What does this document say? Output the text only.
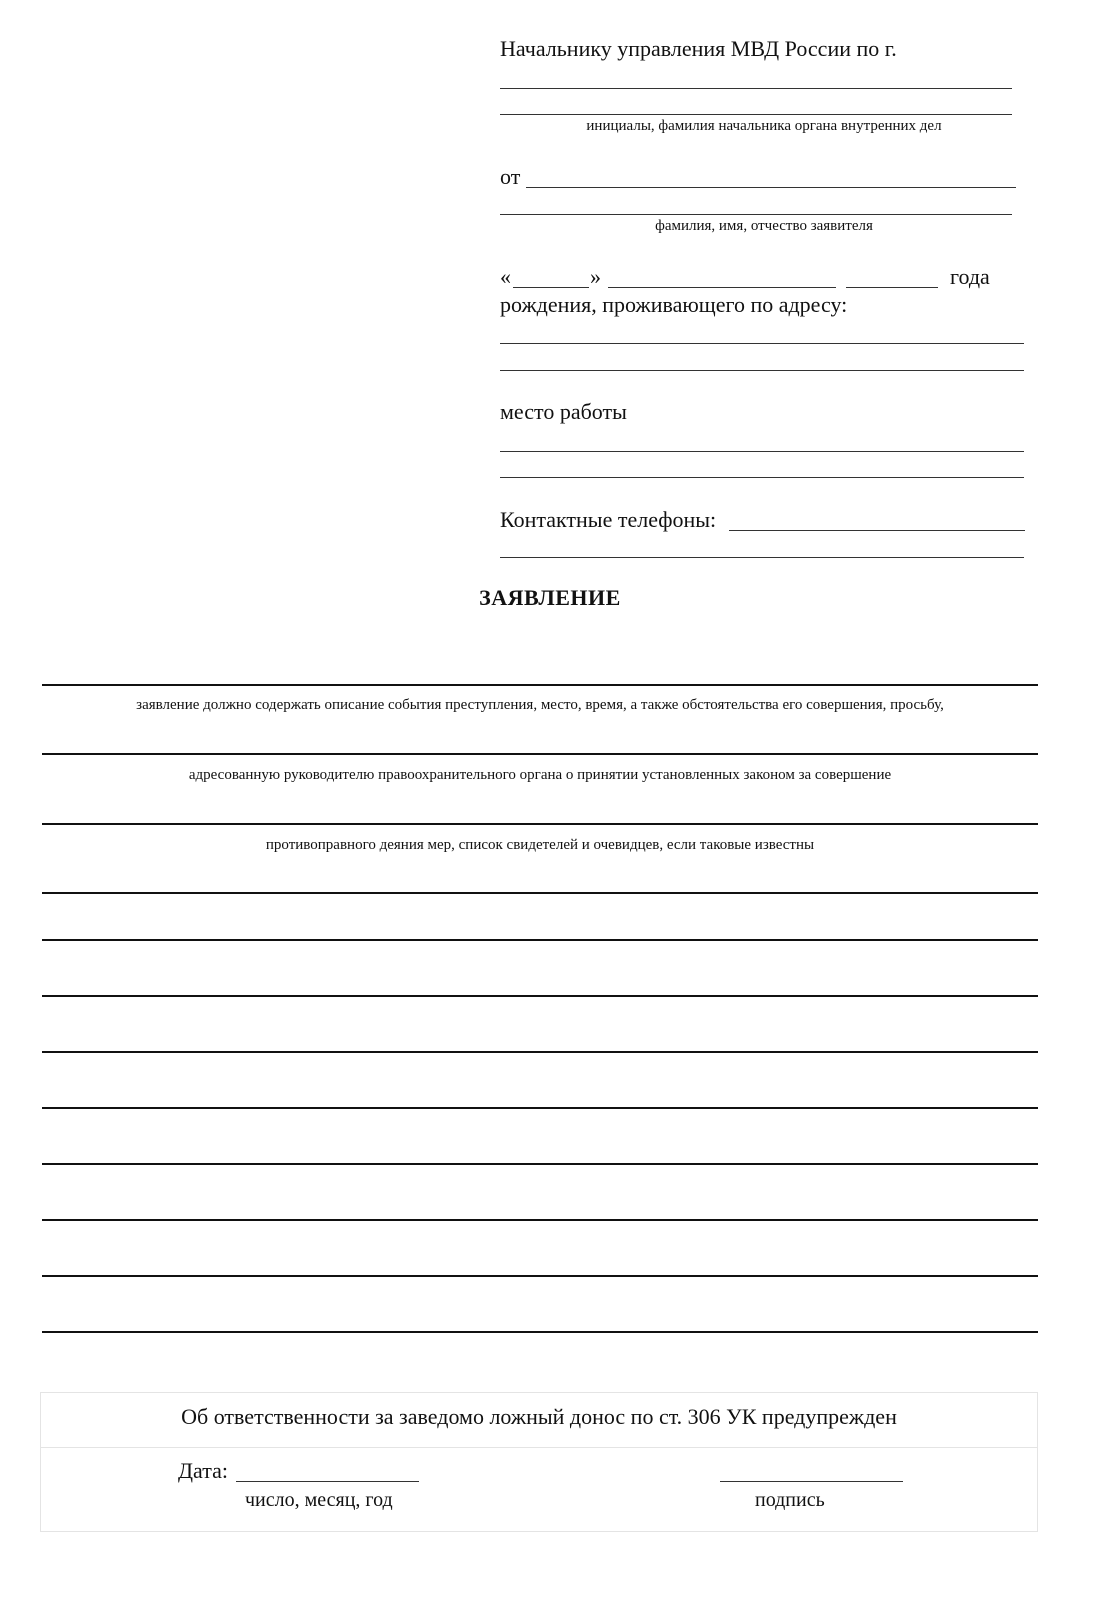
Начальнику управления МВД России по г.
инициалы, фамилия начальника органа внутренних дел
от
фамилия, имя, отчество заявителя
«	»	года
рождения, проживающего по адресу:
место работы
Контактные телефоны:
ЗАЯВЛЕНИЕ
заявление должно содержать описание события преступления, место, время, а также обстоятельства его совершения, просьбу,
адресованную руководителю правоохранительного органа о принятии установленных законом за совершение
противоправного деяния мер, список свидетелей и очевидцев, если таковые известны
Об ответственности за заведомо ложный донос по ст. 306 УК предупрежден
Дата:
число, месяц, год	подпись
